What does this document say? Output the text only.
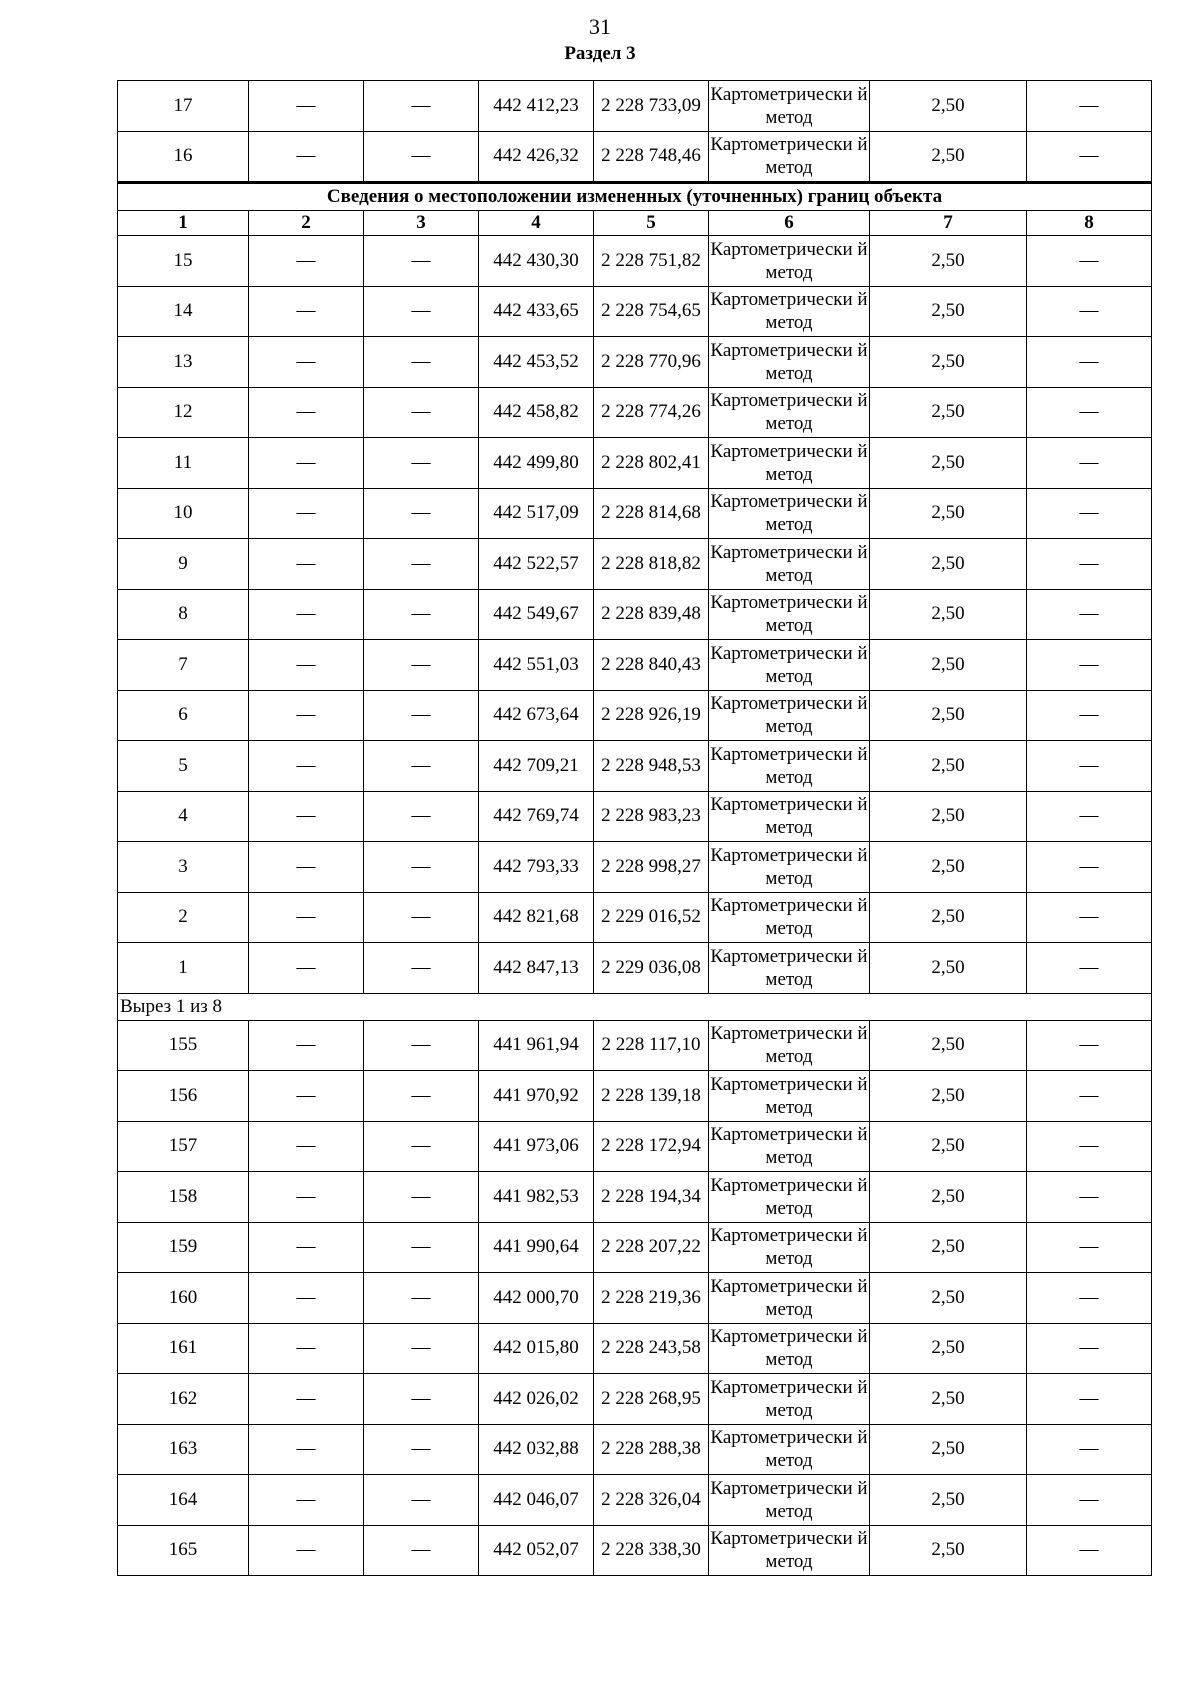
31
Раздел 3
17	—	—	442 412,23	2 228 733,09	Картометрически й метод	2,50	—
16	—	—	442 426,32	2 228 748,46	Картометрически й метод	2,50	—
Сведения о местоположении измененных (уточненных) границ объекта							
1	2	3	4	5	6	7	8
15	—	—	442 430,30	2 228 751,82	Картометрически й метод	2,50	—
14	—	—	442 433,65	2 228 754,65	Картометрически й метод	2,50	—
13	—	—	442 453,52	2 228 770,96	Картометрически й метод	2,50	—
12	—	—	442 458,82	2 228 774,26	Картометрически й метод	2,50	—
11	—	—	442 499,80	2 228 802,41	Картометрически й метод	2,50	—
10	—	—	442 517,09	2 228 814,68	Картометрически й метод	2,50	—
9	—	—	442 522,57	2 228 818,82	Картометрически й метод	2,50	—
8	—	—	442 549,67	2 228 839,48	Картометрически й метод	2,50	—
7	—	—	442 551,03	2 228 840,43	Картометрически й метод	2,50	—
6	—	—	442 673,64	2 228 926,19	Картометрически й метод	2,50	—
5	—	—	442 709,21	2 228 948,53	Картометрически й метод	2,50	—
4	—	—	442 769,74	2 228 983,23	Картометрически й метод	2,50	—
3	—	—	442 793,33	2 228 998,27	Картометрически й метод	2,50	—
2	—	—	442 821,68	2 229 016,52	Картометрически й метод	2,50	—
1	—	—	442 847,13	2 229 036,08	Картометрически й метод	2,50	—
Вырез 1 из 8							
155	—	—	441 961,94	2 228 117,10	Картометрически й метод	2,50	—
156	—	—	441 970,92	2 228 139,18	Картометрически й метод	2,50	—
157	—	—	441 973,06	2 228 172,94	Картометрически й метод	2,50	—
158	—	—	441 982,53	2 228 194,34	Картометрически й метод	2,50	—
159	—	—	441 990,64	2 228 207,22	Картометрически й метод	2,50	—
160	—	—	442 000,70	2 228 219,36	Картометрически й метод	2,50	—
161	—	—	442 015,80	2 228 243,58	Картометрически й метод	2,50	—
162	—	—	442 026,02	2 228 268,95	Картометрически й метод	2,50	—
163	—	—	442 032,88	2 228 288,38	Картометрически й метод	2,50	—
164	—	—	442 046,07	2 228 326,04	Картометрически й метод	2,50	—
165	—	—	442 052,07	2 228 338,30	Картометрически й метод	2,50	—
